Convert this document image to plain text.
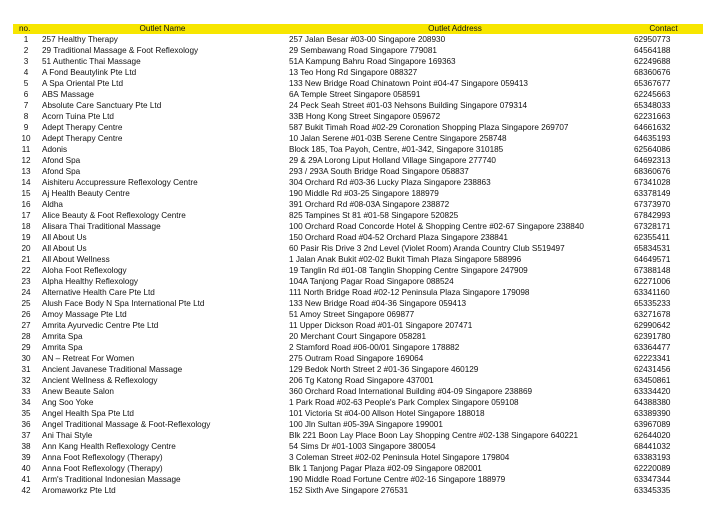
no.	Outlet Name	Outlet Address	Contact
1	257 Healthy Therapy	257 Jalan Besar #03-00 Singapore 208930	62950773
2	29 Traditional Massage & Foot Reflexology	29 Sembawang Road Singapore 779081	64564188
3	51 Authentic Thai Massage	51A Kampung Bahru Road Singapore 169363	62249688
4	A Fond Beautylink Pte Ltd	13 Teo Hong Rd Singapore 088327	68360676
5	A Spa Oriental Pte Ltd	133 New Bridge Road Chinatown Point #04-47 Singapore 059413	65367677
6	ABS Massage	6A Temple Street Singapore 058591	62245663
7	Absolute Care Sanctuary Pte Ltd	24 Peck Seah Street #01-03 Nehsons Building Singapore 079314	65348033
8	Acorn Tuina Pte Ltd	33B Hong Kong Street Singapore 059672	62231663
9	Adept Therapy Centre	587 Bukit Timah Road #02-29 Coronation Shopping Plaza Singapore 269707	64661632
10	Adept Therapy Centre	10 Jalan Serene #01-03B Serene Centre Singapore 258748	64635193
11	Adonis	Block 185, Toa Payoh, Centre, #01-342, Singapore 310185	62564086
12	Afond Spa	29 & 29A Lorong Liput Holland Village Singapore 277740	64692313
13	Afond Spa	293 / 293A South Bridge Road Singapore 058837	68360676
14	Aishiteru Accupressure Reflexology Centre	304 Orchard Rd #03-36 Lucky Plaza Singapore 238863	67341028
15	Aj Health Beauty Centre	190 Middle Rd #03-25 Singapore 188979	63378149
16	Aldha	391 Orchard Rd #08-03A Singapore 238872	67373970
17	Alice Beauty & Foot Reflexology Centre	825 Tampines St 81 #01-58 Singapore 520825	67842993
18	Alisara Thai Traditional Massage	100 Orchard Road Concorde Hotel & Shopping Centre #02-67 Singapore 238840	67328171
19	All About Us	150 Orchard Road #04-52 Orchard Plaza Singapore 238841	62355411
20	All About Us	60 Pasir Ris Drive 3 2nd Level (Violet Room) Aranda Country Club S519497	65834531
21	All About Wellness	1 Jalan Anak Bukit #02-02 Bukit Timah Plaza Singapore 588996	64649571
22	Aloha Foot Reflexology	19 Tanglin Rd #01-08 Tanglin Shopping Centre Singapore 247909	67388148
23	Alpha Healthy Reflexology	104A Tanjong Pagar Road Singapore 088524	62271006
24	Alternative Health Care Pte Ltd	111 North Bridge Road #02-12 Peninsula Plaza Singapore 179098	63341160
25	Alush Face Body N Spa International Pte Ltd	133 New Bridge Road #04-36 Singapore 059413	65335233
26	Amoy Massage Pte Ltd	51 Amoy Street Singapore 069877	63271678
27	Amrita Ayurvedic Centre Pte Ltd	11 Upper Dickson Road #01-01 Singapore 207471	62990642
28	Amrita Spa	20 Merchant Court Singapore 058281	62391780
29	Amrita Spa	2 Stamford Road #06-00/01 Singapore 178882	63364477
30	AN – Retreat For Women	275 Outram Road Singapore 169064	62223341
31	Ancient Javanese Traditional Massage	129 Bedok North Street 2 #01-36 Singapore 460129	62431456
32	Ancient Wellness & Reflexology	206 Tg Katong Road Singapore 437001	63450861
33	Anew Beaute Salon	360 Orchard Road International Building #04-09 Singapore 238869	63334420
34	Ang Soo Yoke	1 Park Road #02-63 People's Park Complex Singapore 059108	64388380
35	Angel Health Spa Pte Ltd	101 Victoria St #04-00 Allson Hotel Singapore 188018	63389390
36	Angel Traditional Massage & Foot-Reflexology	100 Jln Sultan #05-39A Singapore 199001	63967089
37	Ani Thai Style	Blk 221 Boon Lay Place Boon Lay Shopping Centre #02-138 Singapore 640221	62644020
38	Ann Kang Health Reflexology Centre	54 Sims Dr #01-1003 Singapore 380054	68441032
39	Anna Foot Reflexology (Therapy)	3 Coleman Street #02-02 Peninsula Hotel Singapore 179804	63383193
40	Anna Foot Reflexology (Therapy)	Blk 1 Tanjong Pagar Plaza #02-09 Singapore 082001	62220089
41	Arm's Traditional Indonesian Massage	190 Middle Road Fortune Centre #02-16 Singapore 188979	63347344
42	Aromaworkz Pte Ltd	152 Sixth Ave Singapore 276531	63345335
